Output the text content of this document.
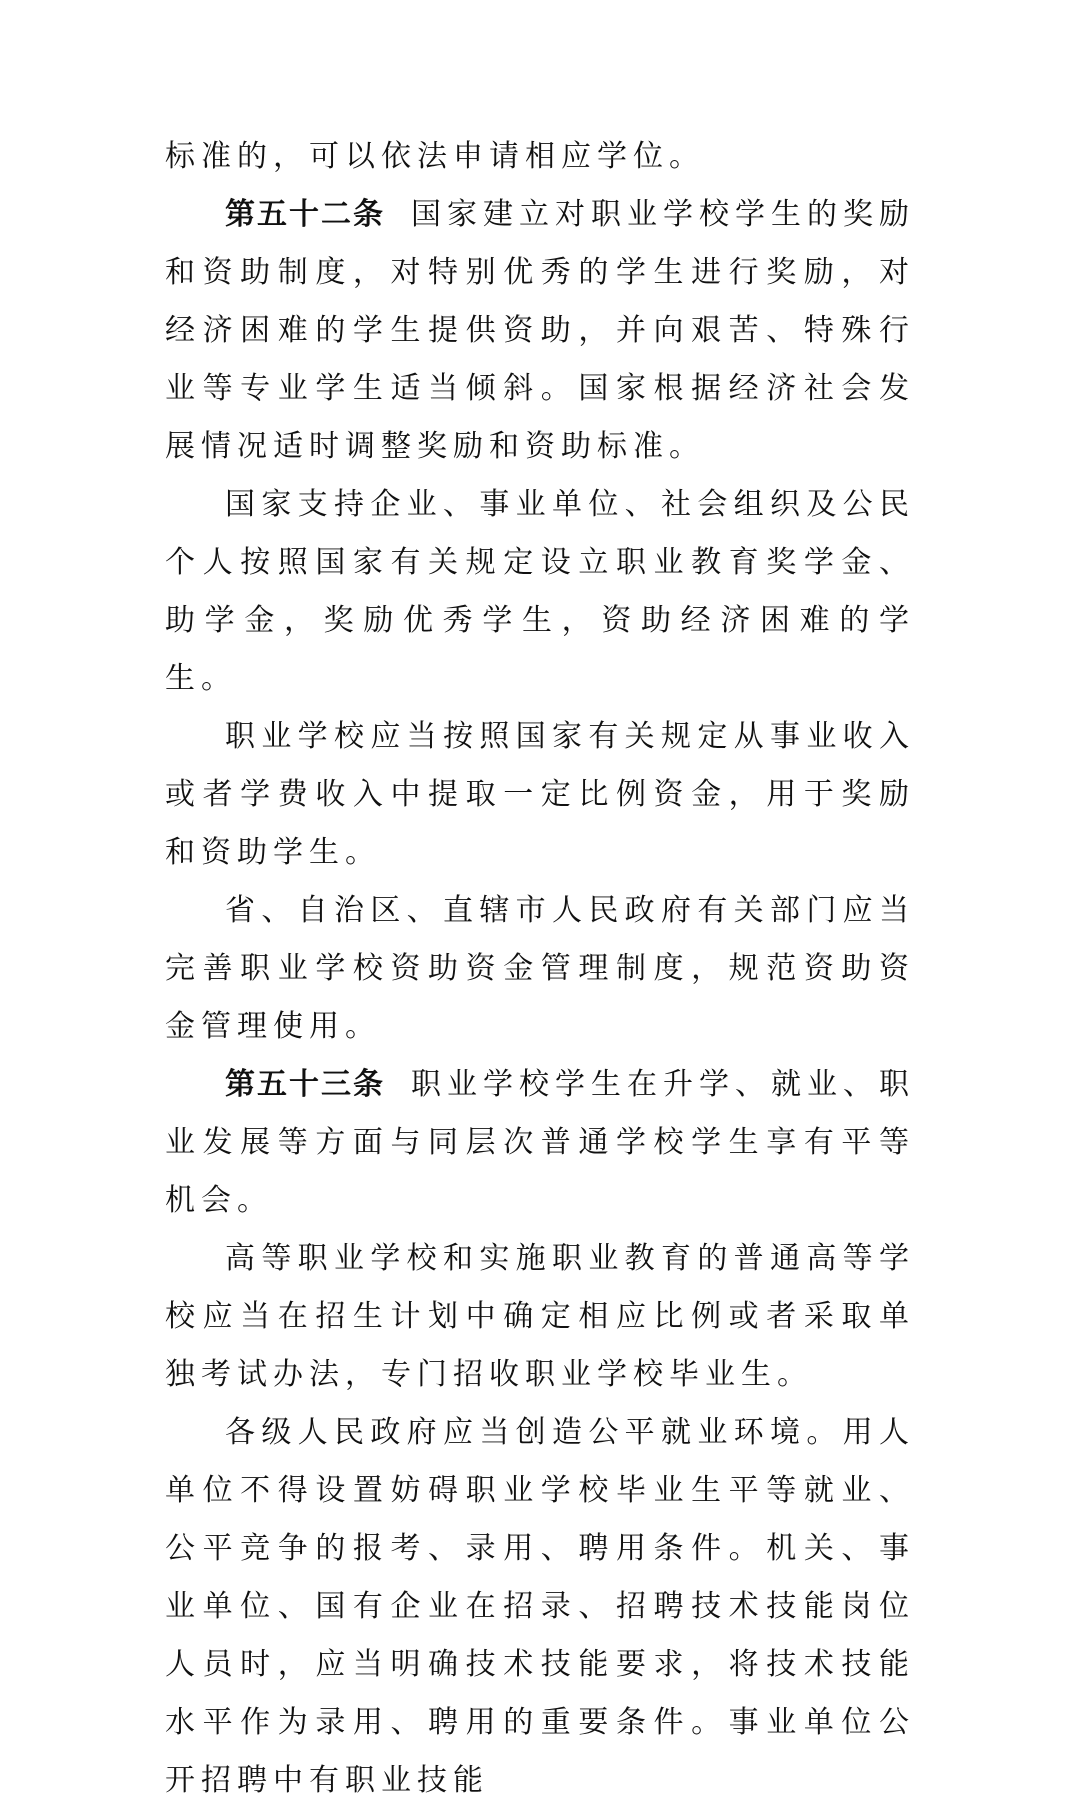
标准的，可以依法申请相应学位。

第五十二条 国家建立对职业学校学生的奖励和资助制度，对特别优秀的学生进行奖励，对经济困难的学生提供资助，并向艰苦、特殊行业等专业学生适当倾斜。国家根据经济社会发展情况适时调整奖励和资助标准。

国家支持企业、事业单位、社会组织及公民个人按照国家有关规定设立职业教育奖学金、助学金，奖励优秀学生，资助经济困难的学生。

职业学校应当按照国家有关规定从事业收入或者学费收入中提取一定比例资金，用于奖励和资助学生。

省、自治区、直辖市人民政府有关部门应当完善职业学校资助资金管理制度，规范资助资金管理使用。

第五十三条 职业学校学生在升学、就业、职业发展等方面与同层次普通学校学生享有平等机会。

高等职业学校和实施职业教育的普通高等学校应当在招生计划中确定相应比例或者采取单独考试办法，专门招收职业学校毕业生。

各级人民政府应当创造公平就业环境。用人单位不得设置妨碍职业学校毕业生平等就业、公平竞争的报考、录用、聘用条件。机关、事业单位、国有企业在招录、招聘技术技能岗位人员时，应当明确技术技能要求，将技术技能水平作为录用、聘用的重要条件。事业单位公开招聘中有职业技能
